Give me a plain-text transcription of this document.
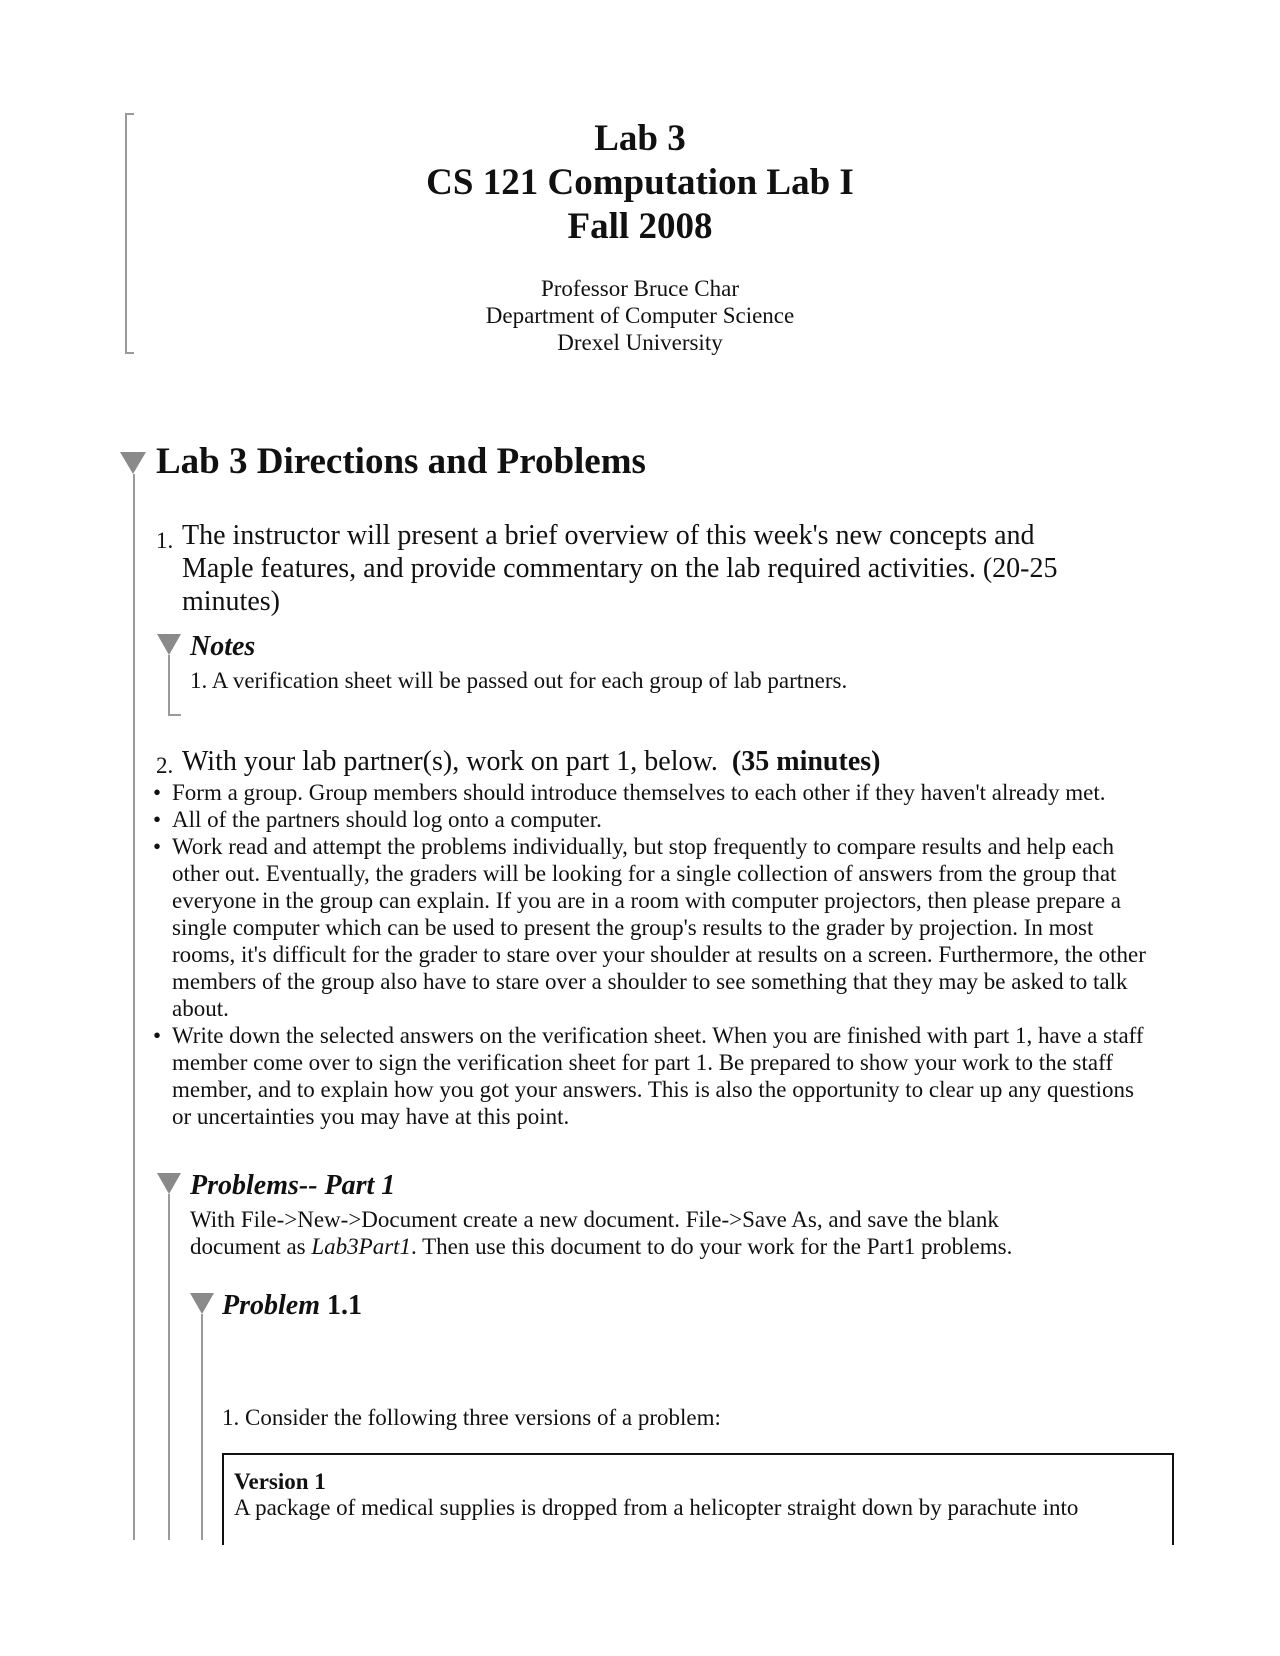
Lab 3
CS 121 Computation Lab I
Fall 2008
Professor Bruce Char
Department of Computer Science
Drexel University
Lab 3 Directions and Problems
1. The instructor will present a brief overview of this week's new concepts and Maple features, and provide commentary on the lab required activities. (20-25 minutes)
Notes
1. A verification sheet will be passed out for each group of lab partners.
2. With your lab partner(s), work on part 1, below. (35 minutes)
• Form a group. Group members should introduce themselves to each other if they haven't already met.
• All of the partners should log onto a computer.
• Work read and attempt the problems individually, but stop frequently to compare results and help each other out. Eventually, the graders will be looking for a single collection of answers from the group that everyone in the group can explain. If you are in a room with computer projectors, then please prepare a single computer which can be used to present the group's results to the grader by projection. In most rooms, it's difficult for the grader to stare over your shoulder at results on a screen. Furthermore, the other members of the group also have to stare over a shoulder to see something that they may be asked to talk about.
• Write down the selected answers on the verification sheet. When you are finished with part 1, have a staff member come over to sign the verification sheet for part 1. Be prepared to show your work to the staff member, and to explain how you got your answers. This is also the opportunity to clear up any questions or uncertainties you may have at this point.
Problems-- Part 1
With File->New->Document create a new document. File->Save As, and save the blank document as Lab3Part1. Then use this document to do your work for the Part1 problems.
Problem 1.1
1. Consider the following three versions of a problem:
Version 1
A package of medical supplies is dropped from a helicopter straight down by parachute into
